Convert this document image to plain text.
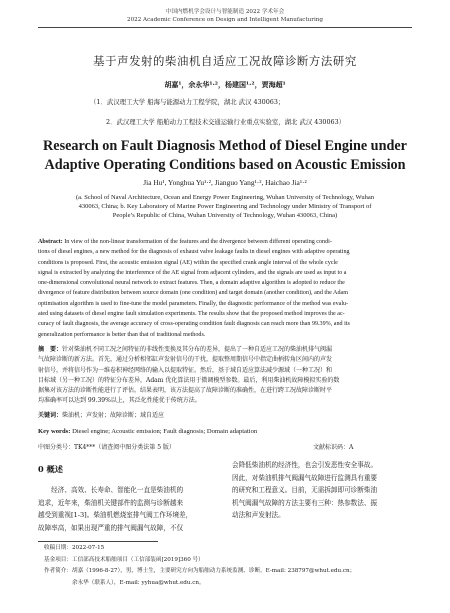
中国内燃机学会设计与智能制造 2022 学术年会
2022 Academic Conference on Design and Intelligent Manufacturing
基于声发射的柴油机自适应工况故障诊断方法研究
胡嘉¹，余永华¹·²，杨建国¹·²，贾海超¹
（1．武汉理工大学 船海与能源动力工程学院，湖北 武汉 430063；
2．武汉理工大学 船舶动力工程技术交通运输行业重点实验室，湖北 武汉 430063）
Research on Fault Diagnosis Method of Diesel Engine under
Adaptive Operating Conditions based on Acoustic Emission
Jia Hu¹, Yonghua Yu¹·², Jianguo Yang¹·², Haichao Jia¹·²
(a. School of Naval Architecture, Ocean and Energy Power Engineering, Wuhan University of Technology, Wuhan
430063, China; b. Key Laboratory of Marine Power Engineering and Technology under Ministry of Transport of
People’s Republic of China, Wuhan University of Technology, Wuhan 430063, China)
Abstract: In view of the non-linear transformation of the features and the divergence between different operating condi-
tions of diesel engines, a new method for the diagnosis of exhaust valve leakage faults in diesel engines with adaptive operating
conditions is proposed. First, the acoustic emission signal (AE) within the specified crank angle interval of the whole cycle
signal is extracted by analyzing the interference of the AE signal from adjacent cylinders, and the signals are used as input to a
one-dimensional convolutional neural network to extract features. Then, a domain adaptive algorithm is adopted to reduce the
divergence of feature distribution between source domain (one condition) and target domain (another condition), and the Adam
optimisation algorithm is used to fine-tune the model parameters. Finally, the diagnostic performance of the method was evalu-
ated using datasets of diesel engine fault simulation experiments. The results show that the proposed method improves the ac-
curacy of fault diagnosis, the average accuracy of cross-operating condition fault diagnosis can reach more than 99.39%, and its
generalization performance is better than that of traditional methods.
摘　要：针对柴油机不同工况之间特征的非线性变换及其分布的差异，提出了一种自适应工况的柴油机排气阀漏
气故障诊断的新方法。首先，通过分析相邻缸声发射信号的干扰，提取整周期信号中指定曲柄转角区间内的声发
射信号，并将信号作为一维卷积神经网络的输入以提取特征。然后，基于域自适应算法减少源域（一种工况）和
目标域（另一种工况）的特征分布差异，Adam 优化算法用于微调模型参数。最后，利用柴油机故障模拟实验的数
据集对该方法的诊断性能进行了评估。结果表明，该方法提高了故障诊断的准确性，在进行跨工况故障诊断时平
均准确率可以达到 99.39%以上，其泛化性能优于传统方法。
关键词：柴油机；声发射；故障诊断；域自适应
Key words: Diesel engine; Acoustic emission; Fault diagnosis; Domain adaptation
中图分类号：TK4***（请查阅中图分类法第 5 版）	文献标识码：A
0 概述
　　经济、高效、长寿命、智能化一直是柴油机的
追求，近年来，柴油机关键部件的监测与诊断越来
越受到重视[1-3]。柴油机燃烧室排气阀工作环境差，
故障率高，如果出现严重的排气阀漏气故障，不仅
会降低柴油机的经济性，也会引发恶性安全事故。
因此，对柴油机排气阀漏气故障进行监测具有重要
的研究和工程意义。目前，无需拆卸即可诊断柴油
机气阀漏气故障的方法主要有三种：热参数法、振
动法和声发射法。
收稿日期：2022-07-15
基金项目：工信部高技术船舶项目（工信部装函[2019]360 号）
作者简介：胡嘉（1996-8-27），男，博士生，主要研究方向为船舶动力系统监测、诊断。E-mail: 238797@whut.edu.cn；
　　　　　余永华（联系人），E-mail: yyhua@whut.edu.cn。
